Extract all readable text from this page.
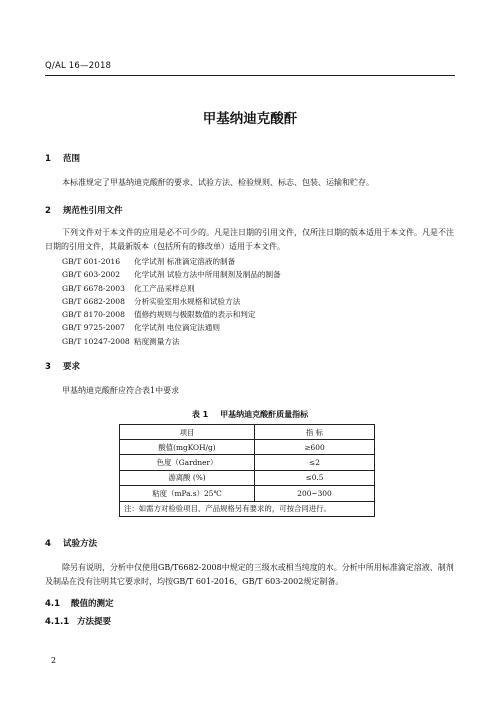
Q/AL 16—2018
甲基纳迪克酸酐
1 范围

本标准规定了甲基纳迪克酸酐的要求、试验方法、检验规则、标志、包装、运输和贮存。

2 规范性引用文件

下列文件对于本文件的应用是必不可少的。凡是注日期的引用文件，仅所注日期的版本适用于本文件。凡是不注日期的引用文件，其最新版本（包括所有的修改单）适用于本文件。

GB/T 601-2016 化学试剂 标准滴定溶液的制备
GB/T 603-2002 化学试剂 试验方法中所用制剂及制品的制备
GB/T 6678-2003 化工产品采样总则
GB/T 6682-2008 分析实验室用水规格和试验方法
GB/T 8170-2008 值修约规则与极限数值的表示和判定
GB/T 9725-2007 化学试剂 电位滴定法通则
GB/T 10247-2008 粘度测量方法
3 要求

甲基纳迪克酸酐应符合表1中要求

表 1 甲基纳迪克酸酐质量指标
项目	指 标
酸值(mgKOH/g)	≥600
色度（Gardner）	≤2
游离酸 (%)	≤0.5
粘度（mPa.s）25℃	200~300
注：如需方对检验项目、产品规格另有要求的，可按合同进行。	
4 试验方法

除另有说明，分析中仅使用GB/T6682-2008中规定的三级水或相当纯度的水。分析中所用标准滴定溶液、制剂及制品在没有注明其它要求时，均按GB/T 601-2016、GB/T 603-2002规定制备。

4.1 酸值的测定
4.1.1 方法提要
2
